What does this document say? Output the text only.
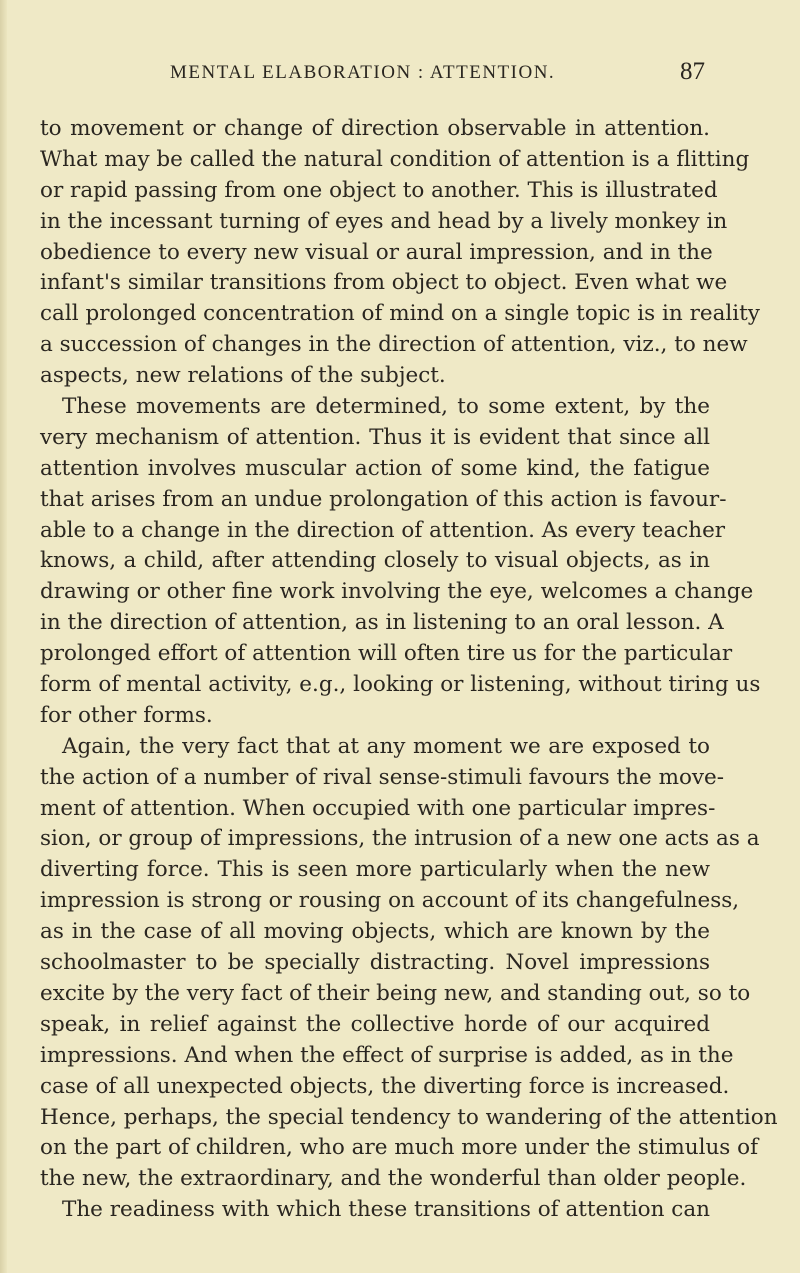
MENTAL ELABORATION : ATTENTION.	87
to movement or change of direction observable in attention.
What may be called the natural condition of attention is a flitting
or rapid passing from one object to another. This is illustrated
in the incessant turning of eyes and head by a lively monkey in
obedience to every new visual or aural impression, and in the
infant's similar transitions from object to object. Even what we
call prolonged concentration of mind on a single topic is in reality
a succession of changes in the direction of attention, viz., to new
aspects, new relations of the subject.
These movements are determined, to some extent, by the
very mechanism of attention. Thus it is evident that since all
attention involves muscular action of some kind, the fatigue
that arises from an undue prolongation of this action is favour-
able to a change in the direction of attention. As every teacher
knows, a child, after attending closely to visual objects, as in
drawing or other fine work involving the eye, welcomes a change
in the direction of attention, as in listening to an oral lesson. A
prolonged effort of attention will often tire us for the particular
form of mental activity, e.g., looking or listening, without tiring us
for other forms.
Again, the very fact that at any moment we are exposed to
the action of a number of rival sense-stimuli favours the move-
ment of attention. When occupied with one particular impres-
sion, or group of impressions, the intrusion of a new one acts as a
diverting force. This is seen more particularly when the new
impression is strong or rousing on account of its changefulness,
as in the case of all moving objects, which are known by the
schoolmaster to be specially distracting. Novel impressions
excite by the very fact of their being new, and standing out, so to
speak, in relief against the collective horde of our acquired
impressions. And when the effect of surprise is added, as in the
case of all unexpected objects, the diverting force is increased.
Hence, perhaps, the special tendency to wandering of the attention
on the part of children, who are much more under the stimulus of
the new, the extraordinary, and the wonderful than older people.
The readiness with which these transitions of attention can
